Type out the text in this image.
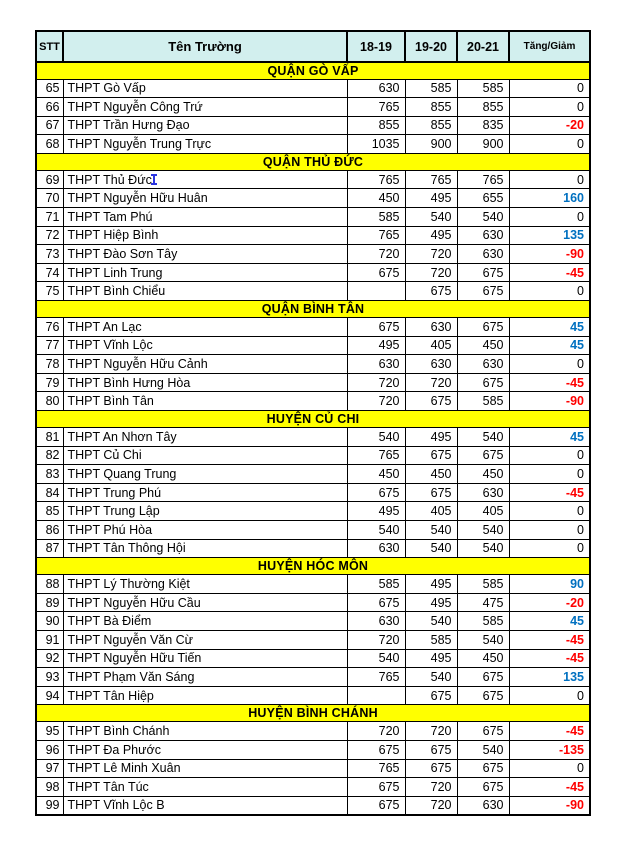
STT	Tên Trường	18-19	19-20	20-21	Tăng/Giảm
QUẬN GÒ VẤP					
65	THPT Gò Vấp	630	585	585	0
66	THPT Nguyễn Công Trứ	765	855	855	0
67	THPT Trần Hưng Đạo	855	855	835	-20
68	THPT Nguyễn Trung Trực	1035	900	900	0
QUẬN THỦ ĐỨC					
69	THPT Thủ Đức	765	765	765	0
70	THPT Nguyễn Hữu Huân	450	495	655	160
71	THPT Tam Phú	585	540	540	0
72	THPT Hiệp Bình	765	495	630	135
73	THPT Đào Sơn Tây	720	720	630	-90
74	THPT Linh Trung	675	720	675	-45
75	THPT Bình Chiểu		675	675	0
QUẬN BÌNH TÂN					
76	THPT An Lạc	675	630	675	45
77	THPT Vĩnh Lộc	495	405	450	45
78	THPT Nguyễn Hữu Cảnh	630	630	630	0
79	THPT Bình Hưng Hòa	720	720	675	-45
80	THPT Bình Tân	720	675	585	-90
HUYỆN CỦ CHI					
81	THPT An Nhơn Tây	540	495	540	45
82	THPT Củ Chi	765	675	675	0
83	THPT Quang Trung	450	450	450	0
84	THPT Trung Phú	675	675	630	-45
85	THPT Trung Lập	495	405	405	0
86	THPT Phú Hòa	540	540	540	0
87	THPT Tân Thông Hội	630	540	540	0
HUYỆN HÓC MÔN					
88	THPT Lý Thường Kiệt	585	495	585	90
89	THPT Nguyễn Hữu Cầu	675	495	475	-20
90	THPT Bà Điểm	630	540	585	45
91	THPT Nguyễn Văn Cừ	720	585	540	-45
92	THPT Nguyễn Hữu Tiến	540	495	450	-45
93	THPT Phạm Văn Sáng	765	540	675	135
94	THPT Tân Hiệp		675	675	0
HUYỆN BÌNH CHÁNH					
95	THPT Bình Chánh	720	720	675	-45
96	THPT Đa Phước	675	675	540	-135
97	THPT Lê Minh Xuân	765	675	675	0
98	THPT Tân Túc	675	720	675	-45
99	THPT Vĩnh Lộc B	675	720	630	-90
